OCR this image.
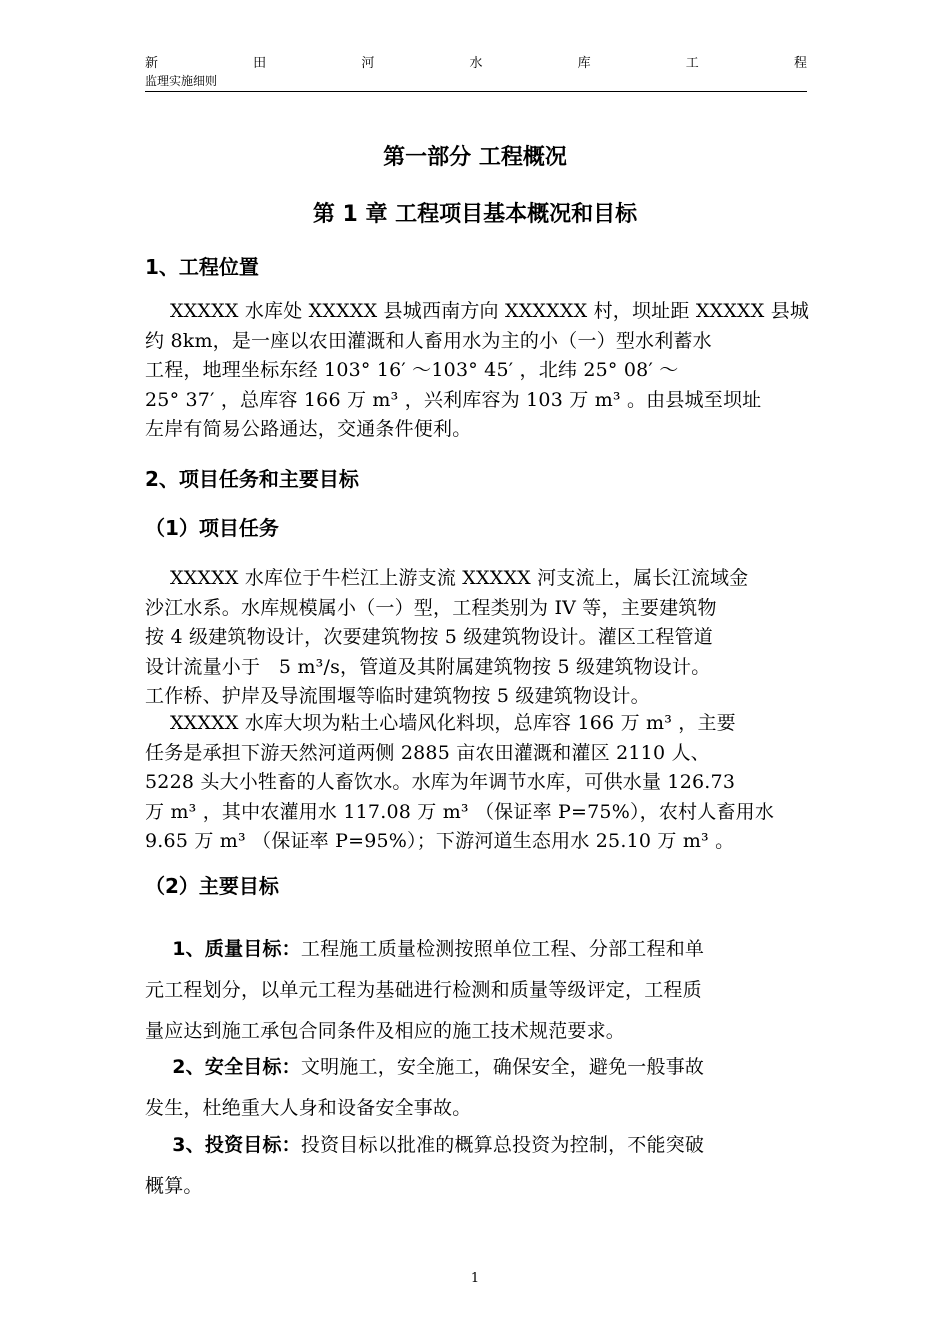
新	田	河	水	库	工	程
监理实施细则
第一部分 工程概况
第 1 章 工程项目基本概况和目标
1、工程位置
XXXXX 水库处 XXXXX 县城西南方向 XXXXXX 村，坝址距 XXXXX 县城
约 8km，是一座以农田灌溉和人畜用水为主的小（一）型水利蓄水
工程，地理坐标东经 103° 16′ ～103° 45′ ，北纬 25° 08′ ～
25° 37′ ，总库容 166 万 m³ ，兴利库容为 103 万 m³ 。由县城至坝址
左岸有简易公路通达，交通条件便利。
2、项目任务和主要目标
（1）项目任务
XXXXX 水库位于牛栏江上游支流 XXXXX 河支流上，属长江流域金
沙江水系。水库规模属小（一）型，工程类别为 IV 等，主要建筑物
按 4 级建筑物设计，次要建筑物按 5 级建筑物设计。灌区工程管道
设计流量小于   5 m³/s，管道及其附属建筑物按 5 级建筑物设计。
工作桥、护岸及导流围堰等临时建筑物按 5 级建筑物设计。
XXXXX 水库大坝为粘土心墙风化料坝，总库容 166 万 m³ ，主要
任务是承担下游天然河道两侧 2885 亩农田灌溉和灌区 2110 人、
5228 头大小牲畜的人畜饮水。水库为年调节水库，可供水量 126.73
万 m³ ，其中农灌用水 117.08 万 m³ （保证率 P=75%），农村人畜用水
9.65 万 m³ （保证率 P=95%）；下游河道生态用水 25.10 万 m³ 。
（2）主要目标
1、质量目标：工程施工质量检测按照单位工程、分部工程和单
元工程划分，以单元工程为基础进行检测和质量等级评定，工程质
量应达到施工承包合同条件及相应的施工技术规范要求。
2、安全目标：文明施工，安全施工，确保安全，避免一般事故
发生，杜绝重大人身和设备安全事故。
3、投资目标：投资目标以批准的概算总投资为控制，不能突破
概算。
1
